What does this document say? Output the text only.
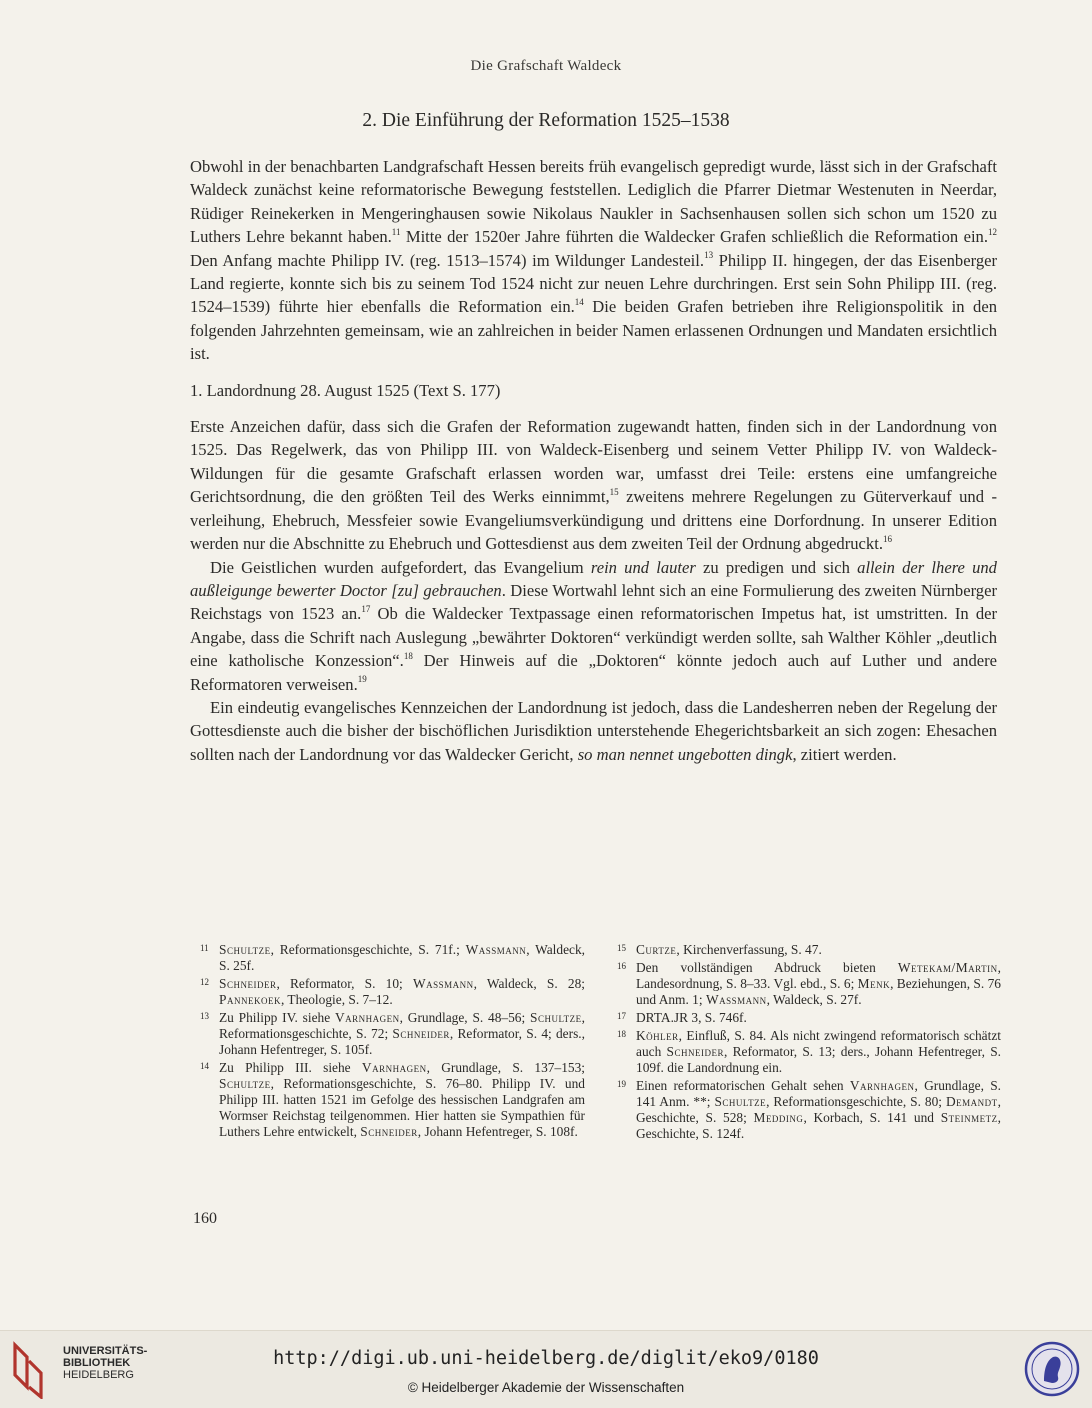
Die Grafschaft Waldeck
2. Die Einführung der Reformation 1525–1538

Obwohl in der benachbarten Landgrafschaft Hessen bereits früh evangelisch gepredigt wurde, lässt sich in der Grafschaft Waldeck zunächst keine reformatorische Bewegung feststellen. Lediglich die Pfarrer Dietmar Westenuten in Neerdar, Rüdiger Reinekerken in Mengeringhausen sowie Nikolaus Naukler in Sachsenhausen sollen sich schon um 1520 zu Luthers Lehre bekannt haben.$^{11}$ Mitte der 1520er Jahre führten die Waldecker Grafen schließlich die Reformation ein.$^{12}$ Den Anfang machte Philipp IV. (reg. 1513–1574) im Wildunger Landesteil.$^{13}$ Philipp II. hingegen, der das Eisenberger Land regierte, konnte sich bis zu seinem Tod 1524 nicht zur neuen Lehre durchringen. Erst sein Sohn Philipp III. (reg. 1524–1539) führte hier ebenfalls die Reformation ein.$^{14}$ Die beiden Grafen betrieben ihre Religionspolitik in den folgenden Jahrzehnten gemeinsam, wie an zahlreichen in beider Namen erlassenen Ordnungen und Mandaten ersichtlich ist.

1. Landordnung 28. August 1525 (Text S. 177)

Erste Anzeichen dafür, dass sich die Grafen der Reformation zugewandt hatten, finden sich in der Landordnung von 1525. Das Regelwerk, das von Philipp III. von Waldeck-Eisenberg und seinem Vetter Philipp IV. von Waldeck-Wildungen für die gesamte Grafschaft erlassen worden war, umfasst drei Teile: erstens eine umfangreiche Gerichtsordnung, die den größten Teil des Werks einnimmt,$^{15}$ zweitens mehrere Regelungen zu Güterverkauf und -verleihung, Ehebruch, Messfeier sowie Evangeliumsverkündigung und drittens eine Dorfordnung. In unserer Edition werden nur die Abschnitte zu Ehebruch und Gottesdienst aus dem zweiten Teil der Ordnung abgedruckt.$^{16}$

Die Geistlichen wurden aufgefordert, das Evangelium rein und lauter zu predigen und sich allein der lhere und außleigunge bewerter Doctor [zu] gebrauchen. Diese Wortwahl lehnt sich an eine Formulierung des zweiten Nürnberger Reichstags von 1523 an.$^{17}$ Ob die Waldecker Textpassage einen reformatorischen Impetus hat, ist umstritten. In der Angabe, dass die Schrift nach Auslegung „bewährter Doktoren“ verkündigt werden sollte, sah Walther Köhler „deutlich eine katholische Konzession“.$^{18}$ Der Hinweis auf die „Doktoren“ könnte jedoch auch auf Luther und andere Reformatoren verweisen.$^{19}$

Ein eindeutig evangelisches Kennzeichen der Landordnung ist jedoch, dass die Landesherren neben der Regelung der Gottesdienste auch die bisher der bischöflichen Jurisdiktion unterstehende Ehegerichtsbarkeit an sich zogen: Ehesachen sollten nach der Landordnung vor das Waldecker Gericht, so man nennet ungebotten dingk, zitiert werden.

11 Schultze, Reformationsgeschichte, S. 71f.; Wassmann, Waldeck, S. 25f.
12 Schneider, Reformator, S. 10; Wassmann, Waldeck, S. 28; Pannekoek, Theologie, S. 7–12.
13 Zu Philipp IV. siehe Varnhagen, Grundlage, S. 48–56; Schultze, Reformationsgeschichte, S. 72; Schneider, Reformator, S. 4; ders., Johann Hefentreger, S. 105f.
14 Zu Philipp III. siehe Varnhagen, Grundlage, S. 137–153; Schultze, Reformationsgeschichte, S. 76–80. Philipp IV. und Philipp III. hatten 1521 im Gefolge des hessischen Landgrafen am Wormser Reichstag teilgenommen. Hier hatten sie Sympathien für Luthers Lehre entwickelt, Schneider, Johann Hefentreger, S. 108f.
15 Curtze, Kirchenverfassung, S. 47.
16 Den vollständigen Abdruck bieten Wetekam/Martin, Landesordnung, S. 8–33. Vgl. ebd., S. 6; Menk, Beziehungen, S. 76 und Anm. 1; Wassmann, Waldeck, S. 27f.
17 DRTA.JR 3, S. 746f.
18 Köhler, Einfluß, S. 84. Als nicht zwingend reformatorisch schätzt auch Schneider, Reformator, S. 13; ders., Johann Hefentreger, S. 109f. die Landordnung ein.
19 Einen reformatorischen Gehalt sehen Varnhagen, Grundlage, S. 141 Anm. **; Schultze, Reformationsgeschichte, S. 80; Demandt, Geschichte, S. 528; Medding, Korbach, S. 141 und Steinmetz, Geschichte, S. 124f.
160
UNIVERSITÄTS-
BIBLIOTHEK
HEIDELBERG
http://digi.ub.uni-heidelberg.de/diglit/eko9/0180
© Heidelberger Akademie der Wissenschaften
